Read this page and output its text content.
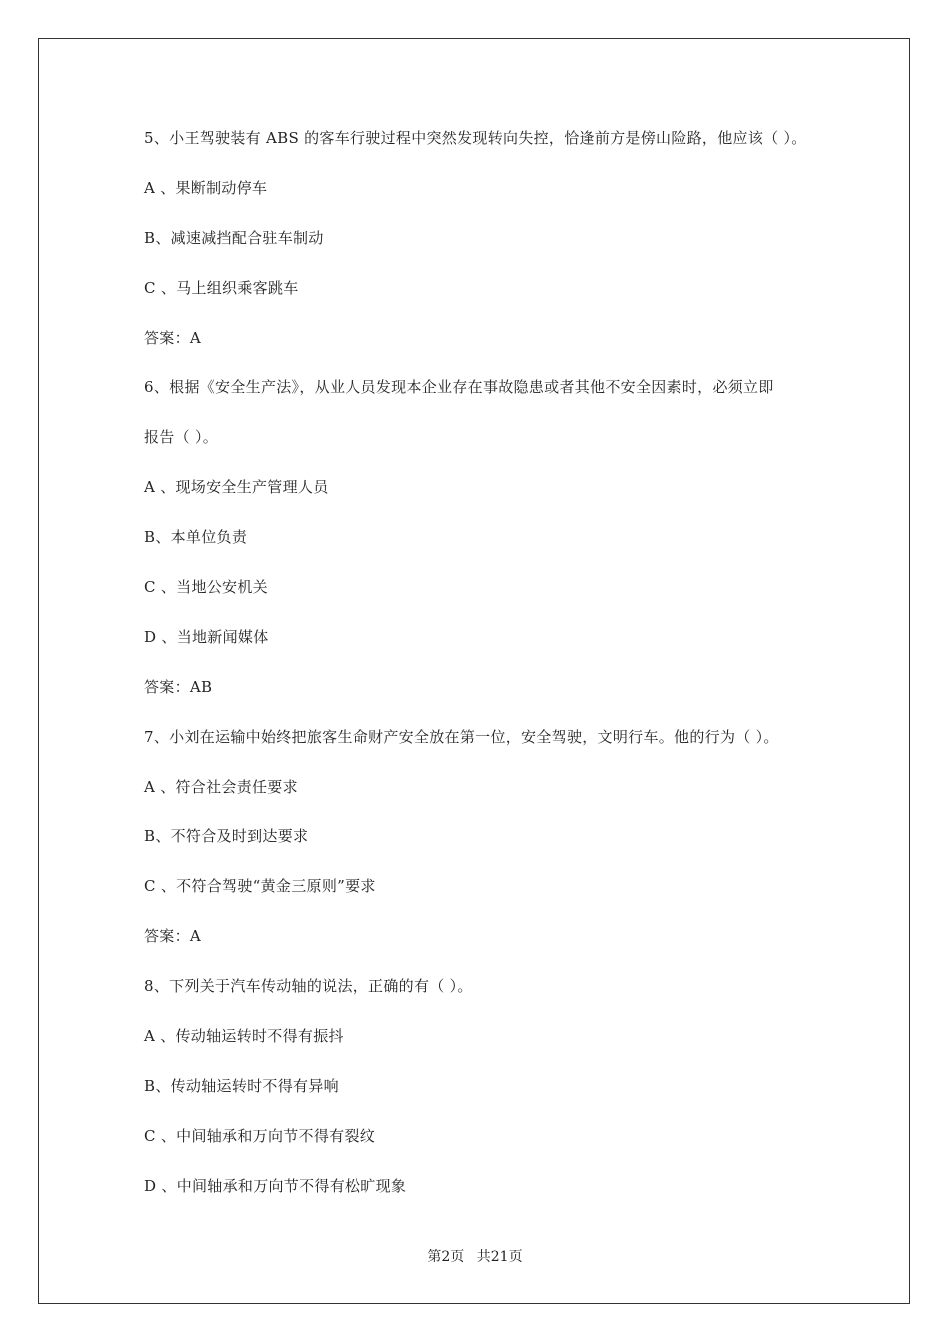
5、小王驾驶装有 ABS 的客车行驶过程中突然发现转向失控，恰逢前方是傍山险路，他应该（ ）。
A 、果断制动停车
B、减速减挡配合驻车制动
C 、马上组织乘客跳车
答案：A
6、根据《安全生产法》，从业人员发现本企业存在事故隐患或者其他不安全因素时，必须立即
报告（ ）。
A 、现场安全生产管理人员
B、本单位负责
C 、当地公安机关
D 、当地新闻媒体
答案：AB
7、小刘在运输中始终把旅客生命财产安全放在第一位，安全驾驶，文明行车。他的行为（ ）。
A 、符合社会责任要求
B、不符合及时到达要求
C 、不符合驾驶“黄金三原则”要求
答案：A
8、下列关于汽车传动轴的说法，正确的有（ ）。
A 、传动轴运转时不得有振抖
B、传动轴运转时不得有异响
C 、中间轴承和万向节不得有裂纹
D 、中间轴承和万向节不得有松旷现象
第2页 共21页
